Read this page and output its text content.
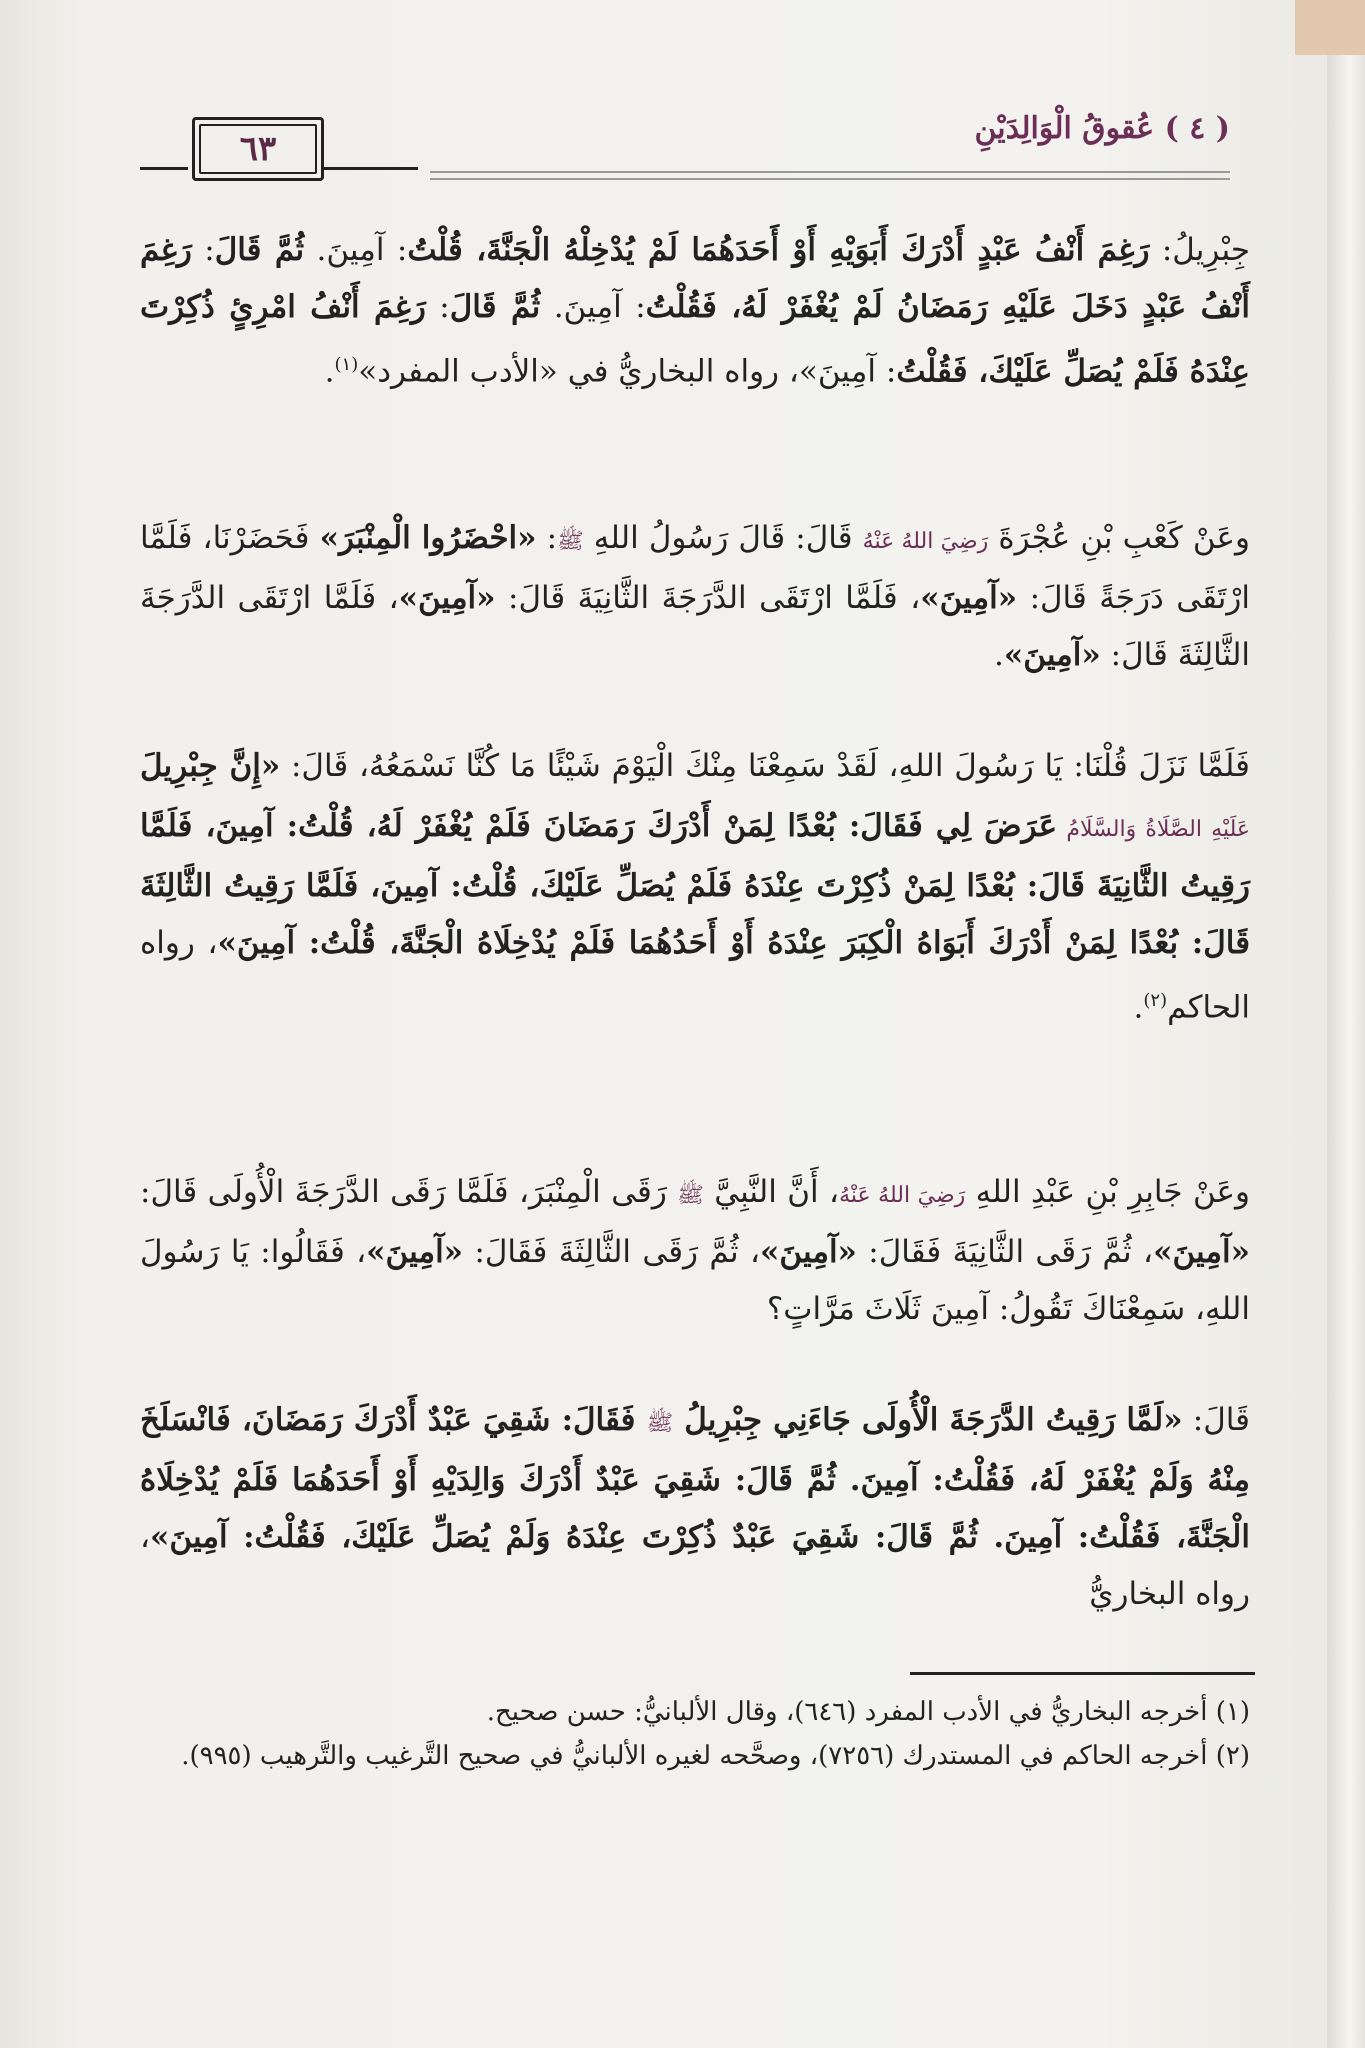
٦٣
( ٤ ) عُقوقُ الْوَالِدَيْنِ
جِبْرِيلُ: رَغِمَ أَنْفُ عَبْدٍ أَدْرَكَ أَبَوَيْهِ أَوْ أَحَدَهُمَا لَمْ يُدْخِلْهُ الْجَنَّةَ، قُلْتُ: آمِينَ. ثُمَّ قَالَ: رَغِمَ أَنْفُ عَبْدٍ دَخَلَ عَلَيْهِ رَمَضَانُ لَمْ يُغْفَرْ لَهُ، فَقُلْتُ: آمِينَ. ثُمَّ قَالَ: رَغِمَ أَنْفُ امْرِئٍ ذُكِرْتَ عِنْدَهُ فَلَمْ يُصَلِّ عَلَيْكَ، فَقُلْتُ: آمِينَ»، رواه البخاريُّ في «الأدب المفرد»$^{(١)}$.
وعَنْ كَعْبِ بْنِ عُجْرَةَ رَضِيَ اللهُ عَنْهُ قَالَ: قَالَ رَسُولُ اللهِ ﷺ: «احْضَرُوا الْمِنْبَرَ» فَحَضَرْنَا، فَلَمَّا ارْتَقَى دَرَجَةً قَالَ: «آمِينَ»، فَلَمَّا ارْتَقَى الدَّرَجَةَ الثَّانِيَةَ قَالَ: «آمِينَ»، فَلَمَّا ارْتَقَى الدَّرَجَةَ الثَّالِثَةَ قَالَ: «آمِينَ».
فَلَمَّا نَزَلَ قُلْنَا: يَا رَسُولَ اللهِ، لَقَدْ سَمِعْنَا مِنْكَ الْيَوْمَ شَيْئًا مَا كُنَّا نَسْمَعُهُ، قَالَ: «إِنَّ جِبْرِيلَ عَلَيْهِ الصَّلَاةُ وَالسَّلَامُ عَرَضَ لِي فَقَالَ: بُعْدًا لِمَنْ أَدْرَكَ رَمَضَانَ فَلَمْ يُغْفَرْ لَهُ، قُلْتُ: آمِينَ، فَلَمَّا رَقِيتُ الثَّانِيَةَ قَالَ: بُعْدًا لِمَنْ ذُكِرْتَ عِنْدَهُ فَلَمْ يُصَلِّ عَلَيْكَ، قُلْتُ: آمِينَ، فَلَمَّا رَقِيتُ الثَّالِثَةَ قَالَ: بُعْدًا لِمَنْ أَدْرَكَ أَبَوَاهُ الْكِبَرَ عِنْدَهُ أَوْ أَحَدُهُمَا فَلَمْ يُدْخِلَاهُ الْجَنَّةَ، قُلْتُ: آمِينَ»، رواه الحاكم$^{(٢)}$.
وعَنْ جَابِرِ بْنِ عَبْدِ اللهِ رَضِيَ اللهُ عَنْهُ، أَنَّ النَّبِيَّ ﷺ رَقَى الْمِنْبَرَ، فَلَمَّا رَقَى الدَّرَجَةَ الْأُولَى قَالَ: «آمِينَ»، ثُمَّ رَقَى الثَّانِيَةَ فَقَالَ: «آمِينَ»، ثُمَّ رَقَى الثَّالِثَةَ فَقَالَ: «آمِينَ»، فَقَالُوا: يَا رَسُولَ اللهِ، سَمِعْنَاكَ تَقُولُ: آمِينَ ثَلَاثَ مَرَّاتٍ؟
قَالَ: «لَمَّا رَقِيتُ الدَّرَجَةَ الْأُولَى جَاءَنِي جِبْرِيلُ ﷺ فَقَالَ: شَقِيَ عَبْدٌ أَدْرَكَ رَمَضَانَ، فَانْسَلَخَ مِنْهُ وَلَمْ يُغْفَرْ لَهُ، فَقُلْتُ: آمِينَ. ثُمَّ قَالَ: شَقِيَ عَبْدٌ أَدْرَكَ وَالِدَيْهِ أَوْ أَحَدَهُمَا فَلَمْ يُدْخِلَاهُ الْجَنَّةَ، فَقُلْتُ: آمِينَ. ثُمَّ قَالَ: شَقِيَ عَبْدٌ ذُكِرْتَ عِنْدَهُ وَلَمْ يُصَلِّ عَلَيْكَ، فَقُلْتُ: آمِينَ»، رواه البخاريُّ
(١) أخرجه البخاريُّ في الأدب المفرد (٦٤٦)، وقال الألبانيُّ: حسن صحيح.
(٢) أخرجه الحاكم في المستدرك (٧٢٥٦)، وصحَّحه لغيره الألبانيُّ في صحيح التَّرغيب والتَّرهيب (٩٩٥).
